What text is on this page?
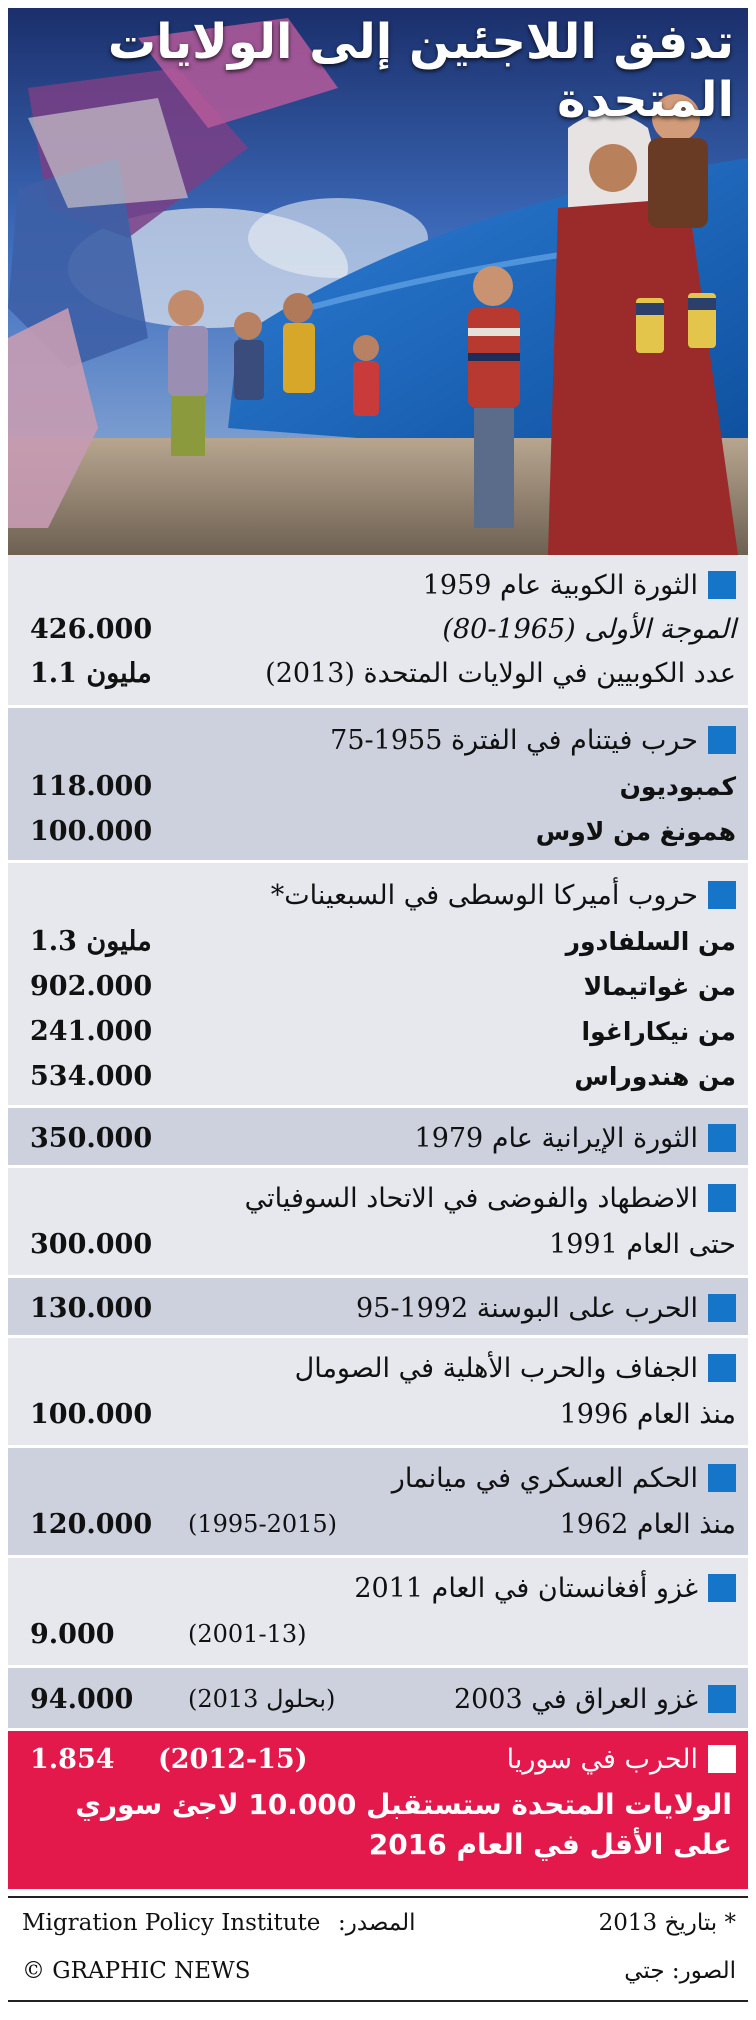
تدفق اللاجئين إلى الولايات المتحدة
الثورة الكوبية عام 1959
الموجة الأولى (1965-80)
426.000
عدد الكوبيين في الولايات المتحدة (2013)
1.1 مليون
حرب فيتنام في الفترة 1955-75
كمبوديون
118.000
همونغ من لاوس
100.000
حروب أميركا الوسطى في السبعينات*
من السلفادور
1.3 مليون
من غواتيمالا
902.000
من نيكاراغوا
241.000
من هندوراس
534.000
الثورة الإيرانية عام 1979
350.000
الاضطهاد والفوضى في الاتحاد السوفياتي
حتى العام 1991
300.000
الحرب على البوسنة 1992-95
130.000
الجفاف والحرب الأهلية في الصومال
منذ العام 1996
100.000
الحكم العسكري في ميانمار
منذ العام 1962
(1995-2015)
120.000
غزو أفغانستان في العام 2011
(2001-13)
9.000
غزو العراق في 2003
(بحلول 2013)
94.000
الحرب في سوريا
1.854 (2012-15)
الولايات المتحدة ستستقبل 10.000 لاجئ سوري على الأقل في العام 2016
Migration Policy Institute المصدر:	* بتاريخ 2013
© GRAPHIC NEWS	الصور: جتي
